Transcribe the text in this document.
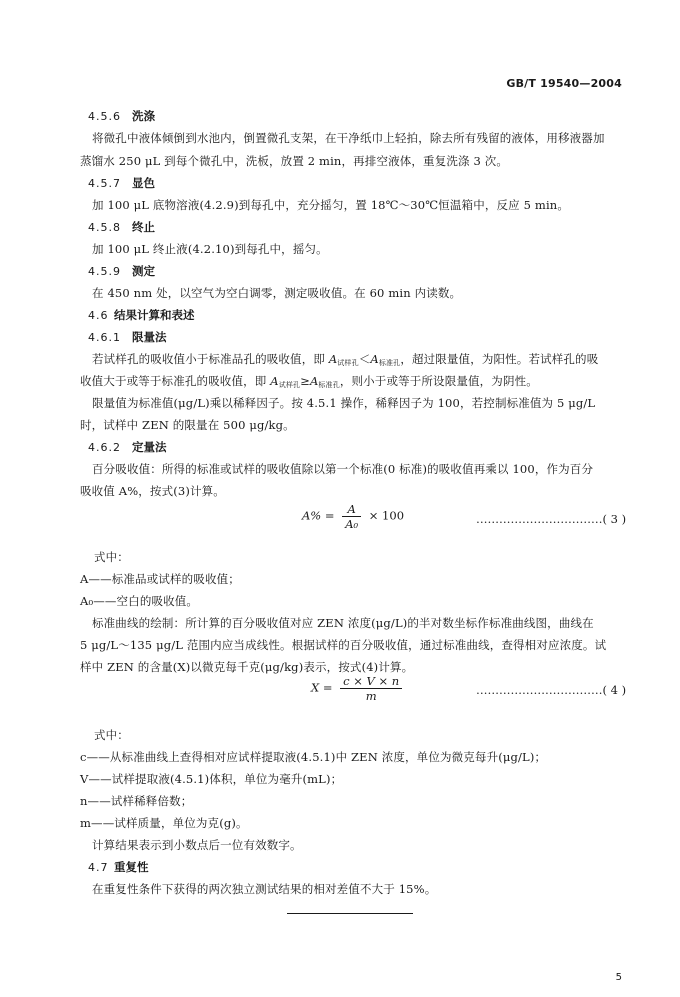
GB/T 19540—2004
4.5.6 洗涤
将微孔中液体倾倒到水池内，倒置微孔支架，在干净纸巾上轻拍，除去所有残留的液体，用移液器加
蒸馏水 250 μL 到每个微孔中，洗板，放置 2 min，再排空液体，重复洗涤 3 次。
4.5.7 显色
加 100 μL 底物溶液(4.2.9)到每孔中，充分摇匀，置 18℃～30℃恒温箱中，反应 5 min。
4.5.8 终止
加 100 μL 终止液(4.2.10)到每孔中，摇匀。
4.5.9 测定
在 450 nm 处，以空气为空白调零，测定吸收值。在 60 min 内读数。
4.6 结果计算和表述
4.6.1 限量法
若试样孔的吸收值小于标准品孔的吸收值，即 $A_{试样孔}<A_{标准孔}$，超过限量值，为阳性。若试样孔的吸
收值大于或等于标准孔的吸收值，即 $A_{试样孔}\ge A_{标准孔}$，则小于或等于所设限量值，为阴性。
限量值为标准值(μg/L)乘以稀释因子。按 4.5.1 操作，稀释因子为 100，若控制标准值为 5 μg/L
时，试样中 ZEN 的限量在 500 μg/kg。
4.6.2 定量法
百分吸收值：所得的标准或试样的吸收值除以第一个标准(0 标准)的吸收值再乘以 100，作为百分
吸收值 A%，按式(3)计算。
$A\% = \frac{A}{\text{A₀}} \times 100$	……………………………( 3 )
式中：
A——标准品或试样的吸收值；
A₀——空白的吸收值。
标准曲线的绘制：所计算的百分吸收值对应 ZEN 浓度(μg/L)的半对数坐标作标准曲线图，曲线在
5 μg/L～135 μg/L 范围内应当成线性。根据试样的百分吸收值，通过标准曲线，查得相对应浓度。试
样中 ZEN 的含量(X)以微克每千克(μg/kg)表示，按式(4)计算。
$X = \frac{c \times V \times n}{m}$	……………………………( 4 )
式中：
c——从标准曲线上查得相对应试样提取液(4.5.1)中 ZEN 浓度，单位为微克每升(μg/L)；
V——试样提取液(4.5.1)体积，单位为毫升(mL)；
n——试样稀释倍数；
m——试样质量，单位为克(g)。
计算结果表示到小数点后一位有效数字。
4.7 重复性
在重复性条件下获得的两次独立测试结果的相对差值不大于 15%。
5
